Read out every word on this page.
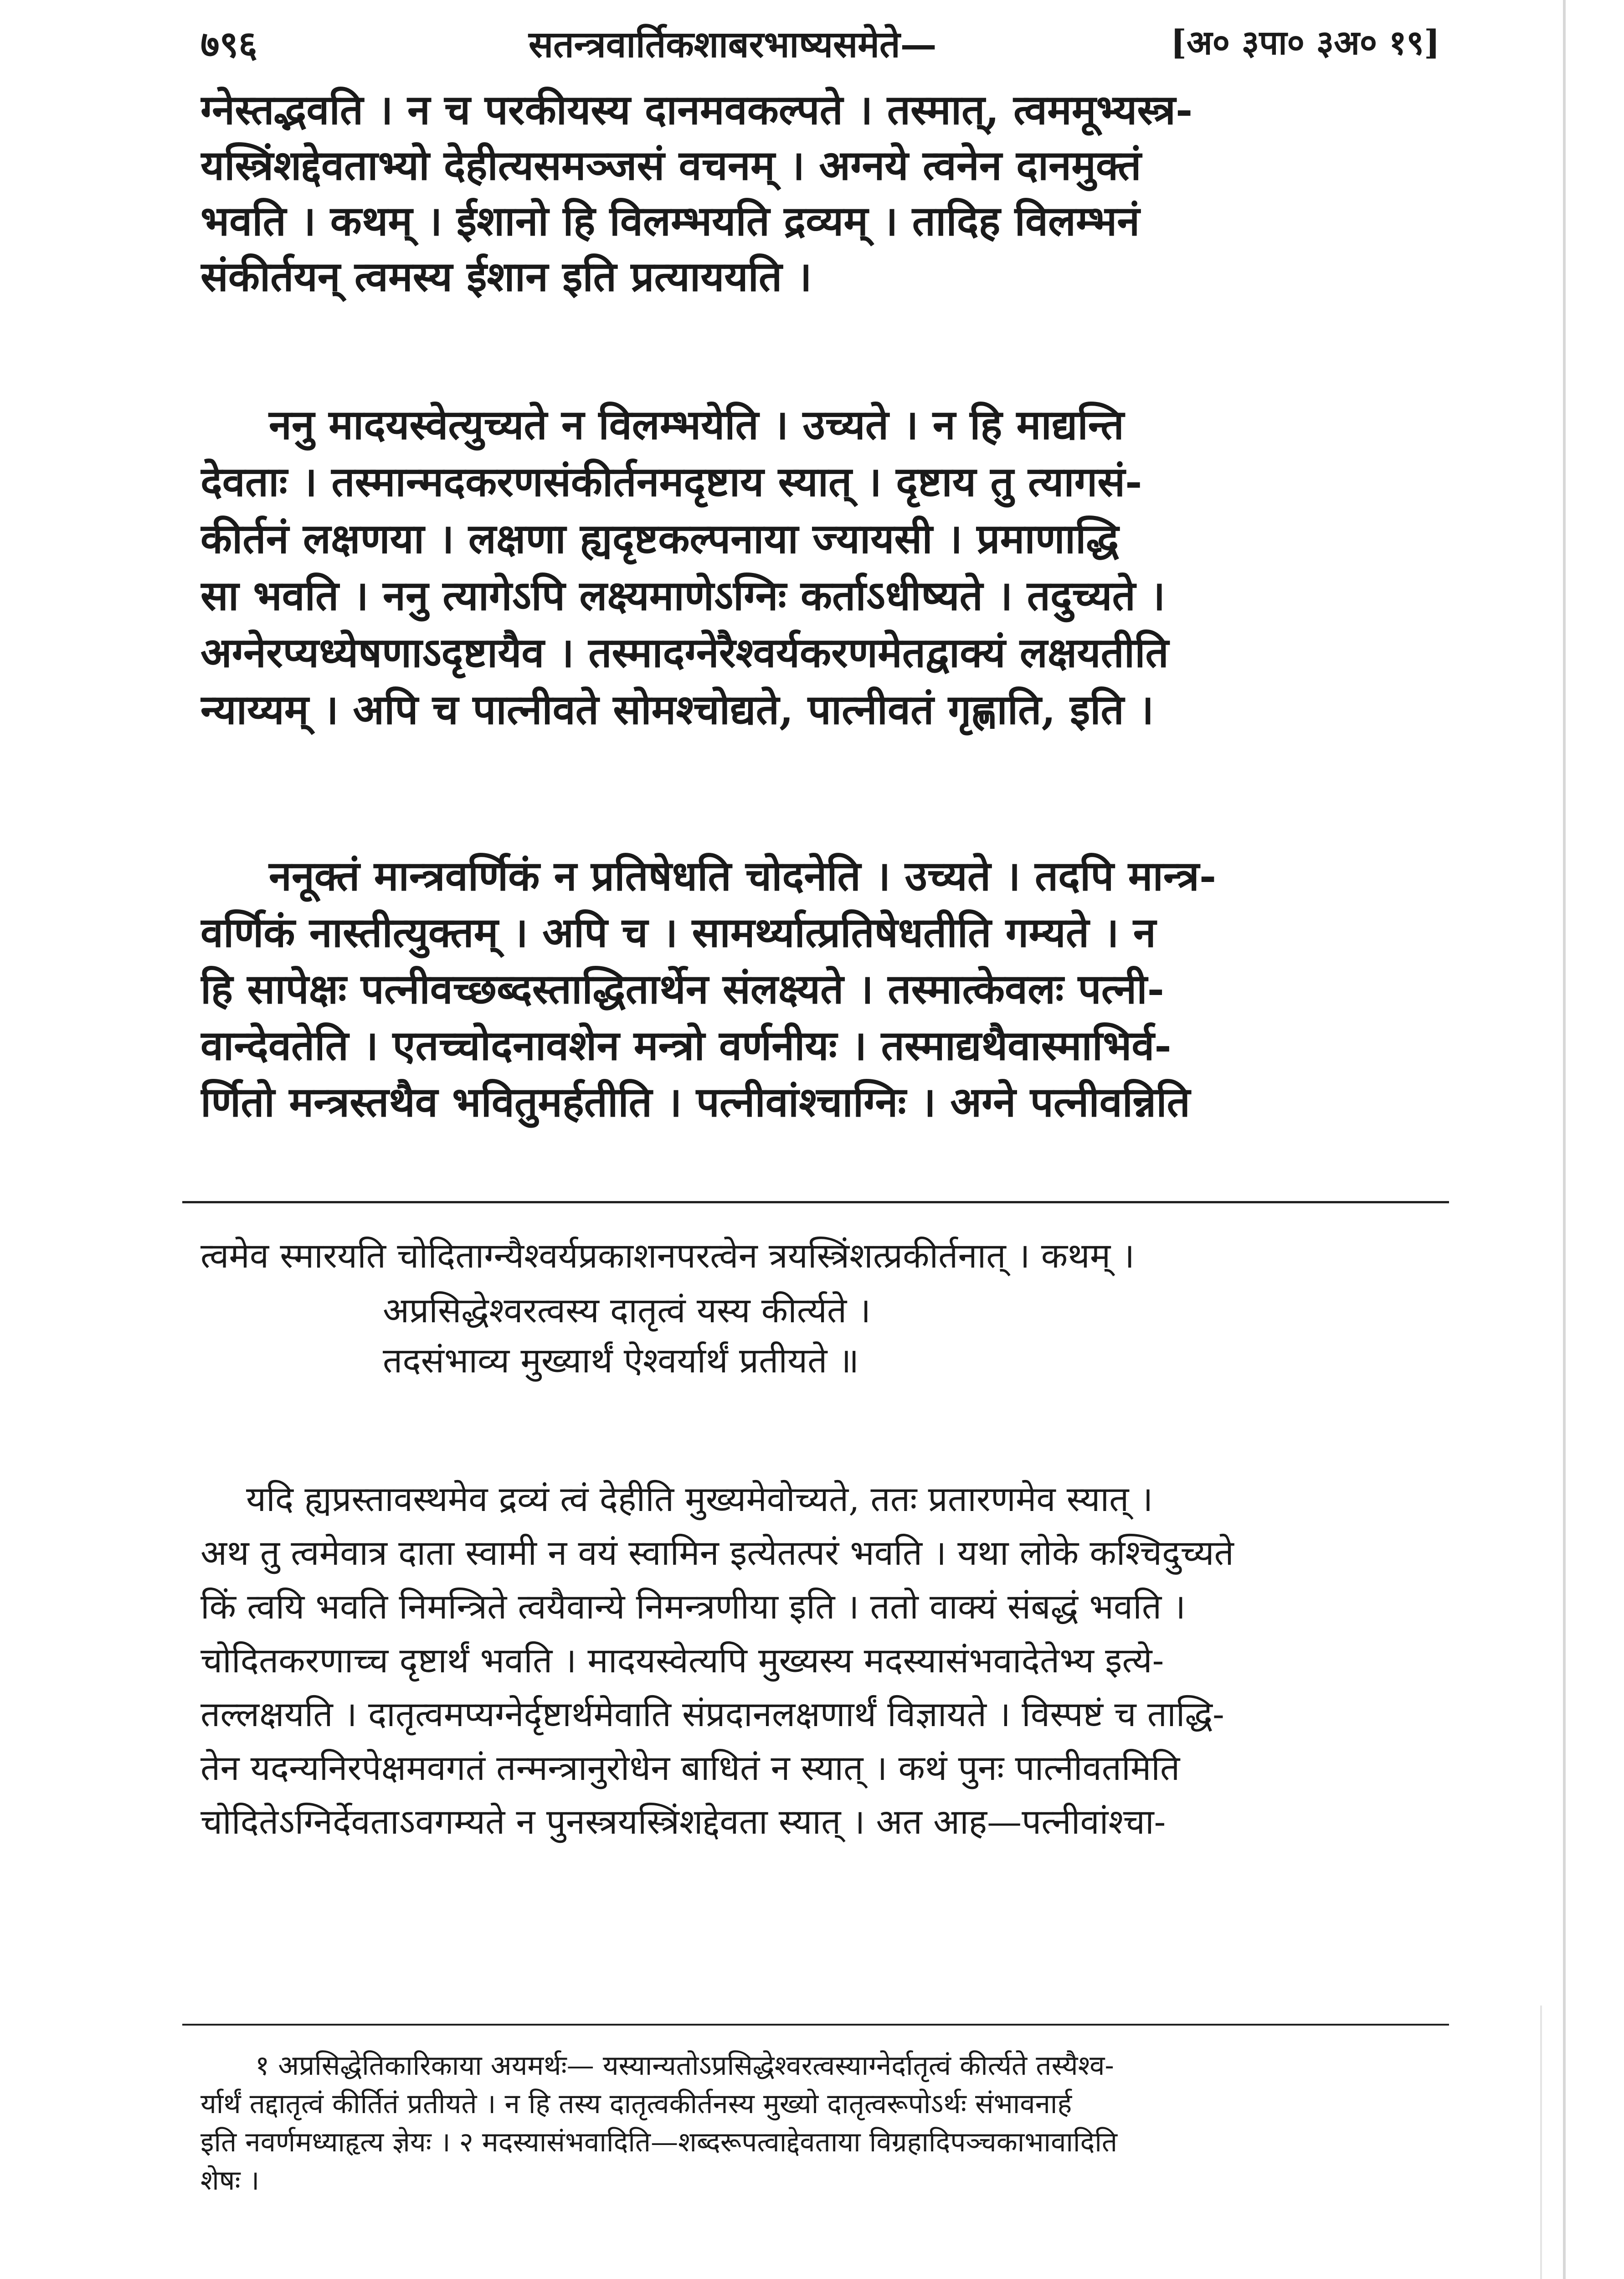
७९६	सतन्त्रवार्तिकशाबरभाष्यसमेते—	[अ० ३पा० ३अ० १९]
ग्नेस्तद्भवति । न च परकीयस्य दानमवकल्पते । तस्मात्, त्वममूभ्यस्त्र-
यस्त्रिंशद्देवताभ्यो देहीत्यसमञ्जसं वचनम् । अग्नये त्वनेन दानमुक्तं
भवति । कथम् । ईशानो हि विलम्भयति द्रव्यम् । तादिह विलम्भनं
संकीर्तयन् त्वमस्य ईशान इति प्रत्याययति ।
ननु मादयस्वेत्युच्यते न विलम्भयेति । उच्यते । न हि माद्यन्ति
देवताः । तस्मान्मदकरणसंकीर्तनमदृष्टाय स्यात् । दृष्टाय तु त्यागसं-
कीर्तनं लक्षणया । लक्षणा ह्यदृष्टकल्पनाया ज्यायसी । प्रमाणाद्धि
सा भवति । ननु त्यागेऽपि लक्ष्यमाणेऽग्निः कर्ताऽधीष्यते । तदुच्यते ।
अग्नेरप्यध्येषणाऽदृष्टायैव । तस्मादग्नेरैश्वर्यकरणमेतद्वाक्यं लक्षयतीति
न्याय्यम् । अपि च पात्नीवते सोमश्चोद्यते, पात्नीवतं गृह्णाति, इति ।
ननूक्तं मान्त्रवर्णिकं न प्रतिषेधति चोदनेति । उच्यते । तदपि मान्त्र-
वर्णिकं नास्तीत्युक्तम् । अपि च । सामर्थ्यात्प्रतिषेधतीति गम्यते । न
हि सापेक्षः पत्नीवच्छब्दस्ताद्धितार्थेन संलक्ष्यते । तस्मात्केवलः पत्नी-
वान्देवतेति । एतच्चोदनावशेन मन्त्रो वर्णनीयः । तस्माद्यथैवास्माभिर्व-
र्णितो मन्त्रस्तथैव भवितुमर्हतीति । पत्नीवांश्चाग्निः । अग्ने पत्नीवन्निति
त्वमेव स्मारयति चोदिताग्न्यैश्वर्यप्रकाशनपरत्वेन त्रयस्त्रिंशत्प्रकीर्तनात् । कथम् ।
अप्रसिद्धेश्वरत्वस्य दातृत्वं यस्य कीर्त्यते ।
तदसंभाव्य मुख्यार्थं ऐश्वर्यार्थं प्रतीयते ॥
यदि ह्यप्रस्तावस्थमेव द्रव्यं त्वं देहीति मुख्यमेवोच्यते, ततः प्रतारणमेव स्यात् ।
अथ तु त्वमेवात्र दाता स्वामी न वयं स्वामिन इत्येतत्परं भवति । यथा लोके कश्चिदुच्यते
किं त्वयि भवति निमन्त्रिते त्वयैवान्ये निमन्त्रणीया इति । ततो वाक्यं संबद्धं भवति ।
चोदितकरणाच्च दृष्टार्थं भवति । मादयस्वेत्यपि मुख्यस्य मदस्यासंभवादेतेभ्य इत्ये-
तल्लक्षयति । दातृत्वमप्यग्नेर्दृष्टार्थमेवाति संप्रदानलक्षणार्थं विज्ञायते । विस्पष्टं च ताद्धि-
तेन यदन्यनिरपेक्षमवगतं तन्मन्त्रानुरोधेन बाधितं न स्यात् । कथं पुनः पात्नीवतमिति
चोदितेऽग्निर्देवताऽवगम्यते न पुनस्त्रयस्त्रिंशद्देवता स्यात् । अत आह—पत्नीवांश्चा-
१ अप्रसिद्धेतिकारिकाया अयमर्थः— यस्यान्यतोऽप्रसिद्धेश्वरत्वस्याग्नेर्दातृत्वं कीर्त्यते तस्यैश्व-
र्यार्थं तद्दातृत्वं कीर्तितं प्रतीयते । न हि तस्य दातृत्वकीर्तनस्य मुख्यो दातृत्वरूपोऽर्थः संभावनार्ह
इति नवर्णमध्याहृत्य ज्ञेयः । २ मदस्यासंभवादिति—शब्दरूपत्वाद्देवताया विग्रहादिपञ्चकाभावादिति
शेषः ।
